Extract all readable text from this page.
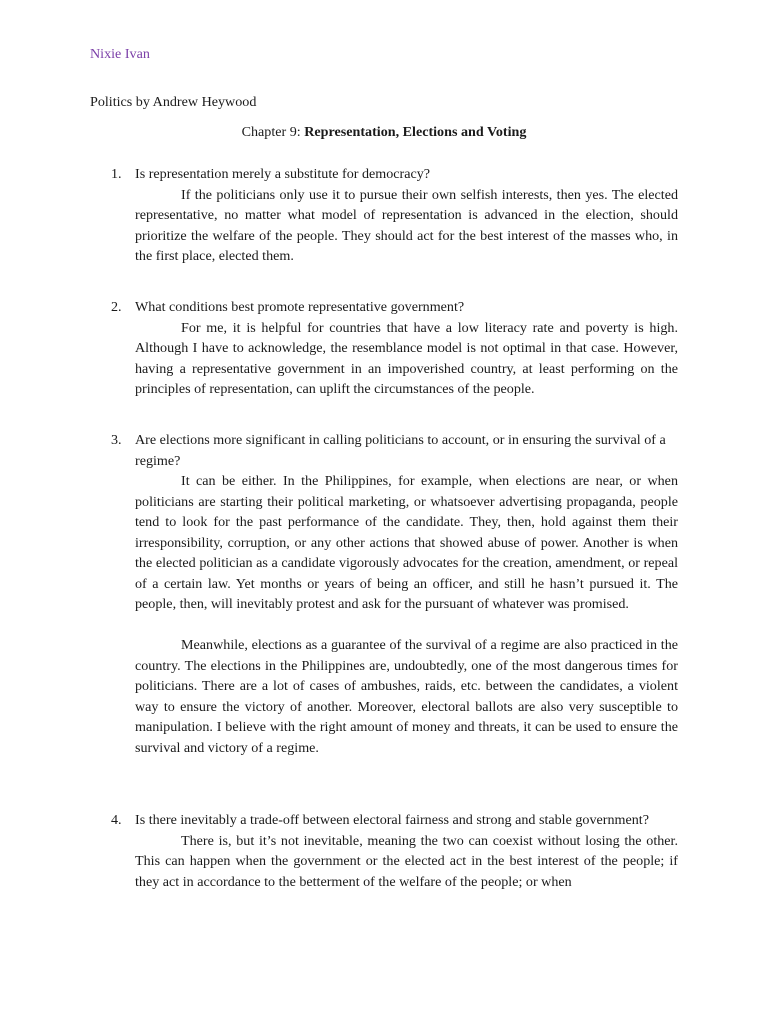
Nixie Ivan
Politics by Andrew Heywood
Chapter 9: Representation, Elections and Voting
1. Is representation merely a substitute for democracy?
If the politicians only use it to pursue their own selfish interests, then yes. The elected representative, no matter what model of representation is advanced in the election, should prioritize the welfare of the people. They should act for the best interest of the masses who, in the first place, elected them.
2. What conditions best promote representative government?
For me, it is helpful for countries that have a low literacy rate and poverty is high. Although I have to acknowledge, the resemblance model is not optimal in that case. However, having a representative government in an impoverished country, at least performing on the principles of representation, can uplift the circumstances of the people.
3. Are elections more significant in calling politicians to account, or in ensuring the survival of a regime?
It can be either. In the Philippines, for example, when elections are near, or when politicians are starting their political marketing, or whatsoever advertising propaganda, people tend to look for the past performance of the candidate. They, then, hold against them their irresponsibility, corruption, or any other actions that showed abuse of power. Another is when the elected politician as a candidate vigorously advocates for the creation, amendment, or repeal of a certain law. Yet months or years of being an officer, and still he hasn’t pursued it. The people, then, will inevitably protest and ask for the pursuant of whatever was promised.
Meanwhile, elections as a guarantee of the survival of a regime are also practiced in the country. The elections in the Philippines are, undoubtedly, one of the most dangerous times for politicians. There are a lot of cases of ambushes, raids, etc. between the candidates, a violent way to ensure the victory of another. Moreover, electoral ballots are also very susceptible to manipulation. I believe with the right amount of money and threats, it can be used to ensure the survival and victory of a regime.
4. Is there inevitably a trade-off between electoral fairness and strong and stable government?
There is, but it’s not inevitable, meaning the two can coexist without losing the other. This can happen when the government or the elected act in the best interest of the people; if they act in accordance to the betterment of the welfare of the people; or when
